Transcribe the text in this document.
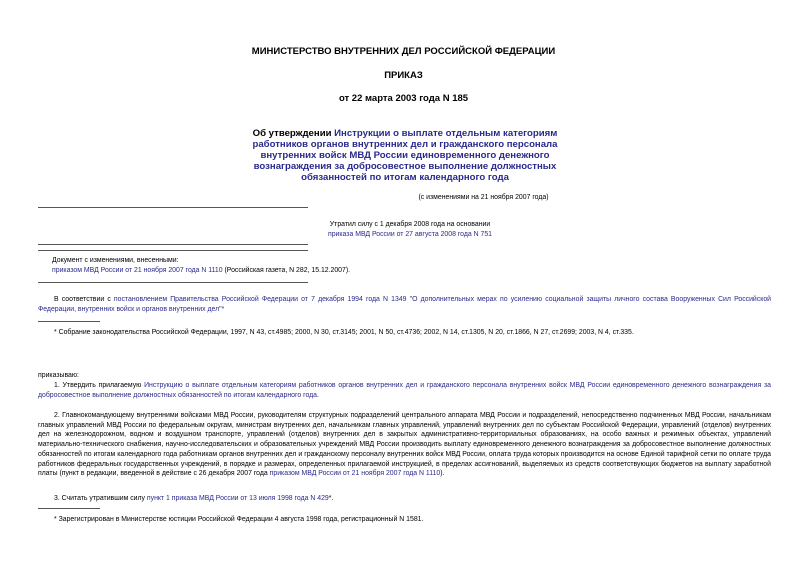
МИНИСТЕРСТВО ВНУТРЕННИХ ДЕЛ РОССИЙСКОЙ ФЕДЕРАЦИИ
ПРИКАЗ
от 22 марта 2003 года N 185
Об утверждении Инструкции о выплате отдельным категориям работников органов внутренних дел и гражданского персонала внутренних войск МВД России единовременного денежного вознаграждения за добросовестное выполнение должностных обязанностей по итогам календарного года
(с изменениями на 21 ноября 2007 года)
Утратил силу с 1 декабря 2008 года на основании
приказа МВД России от 27 августа 2008 года N 751
Документ с изменениями, внесенными:
приказом МВД России от 21 ноября 2007 года N 1110 (Российская газета, N 282, 15.12.2007).
В соответствии с постановлением Правительства Российской Федерации от 7 декабря 1994 года N 1349 "О дополнительных мерах по усилению социальной защиты личного состава Вооруженных Сил Российской Федерации, внутренних войск и органов внутренних дел"*
* Собрание законодательства Российской Федерации, 1997, N 43, ст.4985; 2000, N 30, ст.3145; 2001, N 50, ст.4736; 2002, N 14, ст.1305, N 20, ст.1866, N 27, ст.2699; 2003, N 4, ст.335.
приказываю:
1. Утвердить прилагаемую Инструкцию о выплате отдельным категориям работников органов внутренних дел и гражданского персонала внутренних войск МВД России единовременного денежного вознаграждения за добросовестное выполнение должностных обязанностей по итогам календарного года.
2. Главнокомандующему внутренними войсками МВД России, руководителям структурных подразделений центрального аппарата МВД России и подразделений, непосредственно подчиненных МВД России, начальникам главных управлений МВД России по федеральным округам, министрам внутренних дел, начальникам главных управлений, управлений внутренних дел по субъектам Российской Федерации, управлений (отделов) внутренних дел на железнодорожном, водном и воздушном транспорте, управлений (отделов) внутренних дел в закрытых административно-территориальных образованиях, на особо важных и режимных объектах, управлений материально-технического снабжения, научно-исследовательских и образовательных учреждений МВД России производить выплату единовременного денежного вознаграждения за добросовестное выполнение должностных обязанностей по итогам календарного года работникам органов внутренних дел и гражданскому персоналу внутренних войск МВД России, оплата труда которых производится на основе Единой тарифной сетки по оплате труда работников федеральных государственных учреждений, в порядке и размерах, определенных прилагаемой инструкцией, в пределах ассигнований, выделяемых из средств соответствующих бюджетов на выплату заработной платы (пункт в редакции, введенной в действие с 26 декабря 2007 года приказом МВД России от 21 ноября 2007 года N 1110).
3. Считать утратившим силу пункт 1 приказа МВД России от 13 июля 1998 года N 429*.
* Зарегистрирован в Министерстве юстиции Российской Федерации 4 августа 1998 года, регистрационный N 1581.
